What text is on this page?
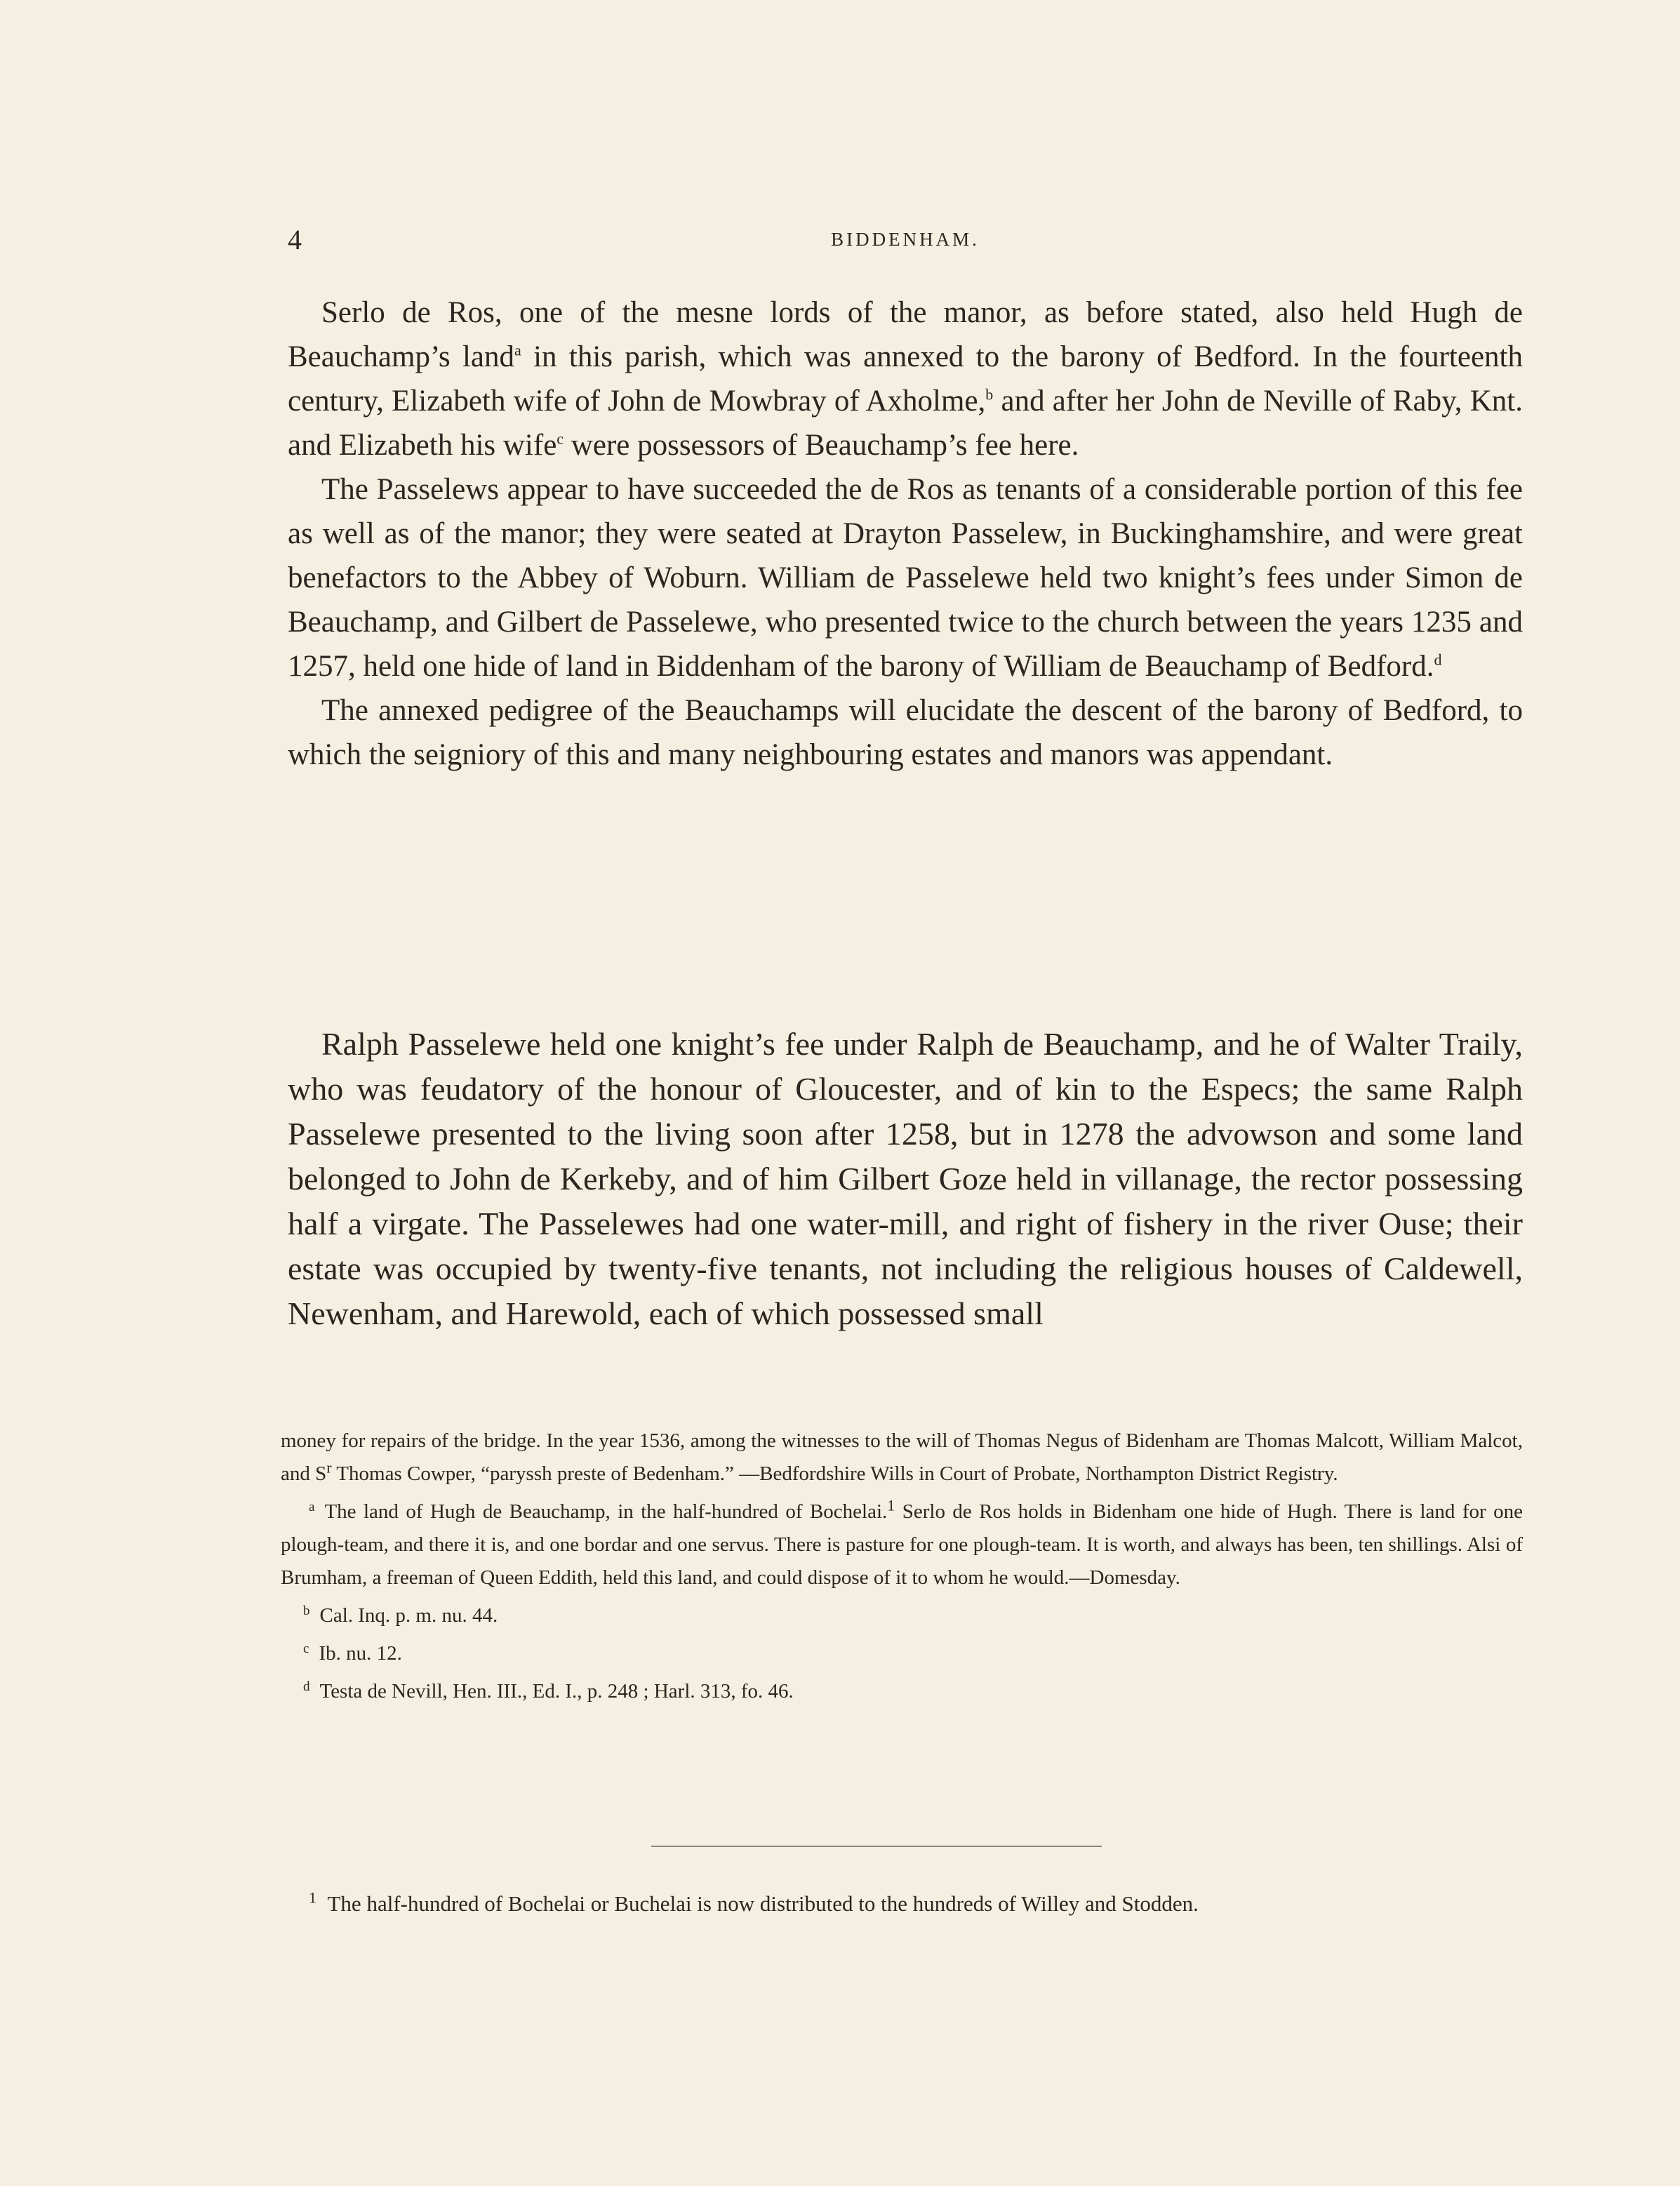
4	BIDDENHAM.

Serlo de Ros, one of the mesne lords of the manor, as before stated, also held Hugh de Beauchamp’s land$^a$ in this parish, which was annexed to the barony of Bedford. In the fourteenth century, Elizabeth wife of John de Mowbray of Axholme,$^b$ and after her John de Neville of Raby, Knt. and Elizabeth his wife$^c$ were possessors of Beauchamp’s fee here.

The Passelews appear to have succeeded the de Ros as tenants of a considerable portion of this fee as well as of the manor; they were seated at Drayton Passelew, in Buckinghamshire, and were great benefactors to the Abbey of Woburn. William de Passelewe held two knight’s fees under Simon de Beauchamp, and Gilbert de Passelewe, who presented twice to the church between the years 1235 and 1257, held one hide of land in Biddenham of the barony of William de Beauchamp of Bedford.$^d$

The annexed pedigree of the Beauchamps will elucidate the descent of the barony of Bedford, to which the seigniory of this and many neighbouring estates and manors was appendant.

Ralph Passelewe held one knight’s fee under Ralph de Beauchamp, and he of Walter Traily, who was feudatory of the honour of Gloucester, and of kin to the Especs; the same Ralph Passelewe presented to the living soon after 1258, but in 1278 the advowson and some land belonged to John de Kerkeby, and of him Gilbert Goze held in villanage, the rector possessing half a virgate. The Passelewes had one water-mill, and right of fishery in the river Ouse; their estate was occupied by twenty-five tenants, not including the religious houses of Caldewell, Newenham, and Harewold, each of which possessed small

money for repairs of the bridge. In the year 1536, among the witnesses to the will of Thomas Negus of Bidenham are Thomas Malcott, William Malcot, and $S^r$ Thomas Cowper, “paryssh preste of Bedenham.” —Bedfordshire Wills in Court of Probate, Northampton District Registry.
$^a$ The land of Hugh de Beauchamp, in the half-hundred of Bochelai.$^1$ Serlo de Ros holds in Bidenham one hide of Hugh. There is land for one plough-team, and there it is, and one bordar and one servus. There is pasture for one plough-team. It is worth, and always has been, ten shillings. Alsi of Brumham, a freeman of Queen Eddith, held this land, and could dispose of it to whom he would.—Domesday.
$^b$ Cal. Inq. p. m. nu. 44.
$^c$ Ib. nu. 12.
$^d$ Testa de Nevill, Hen. III., Ed. I., p. 248 ; Harl. 313, fo. 46.
$^1$ The half-hundred of Bochelai or Buchelai is now distributed to the hundreds of Willey and Stodden.
